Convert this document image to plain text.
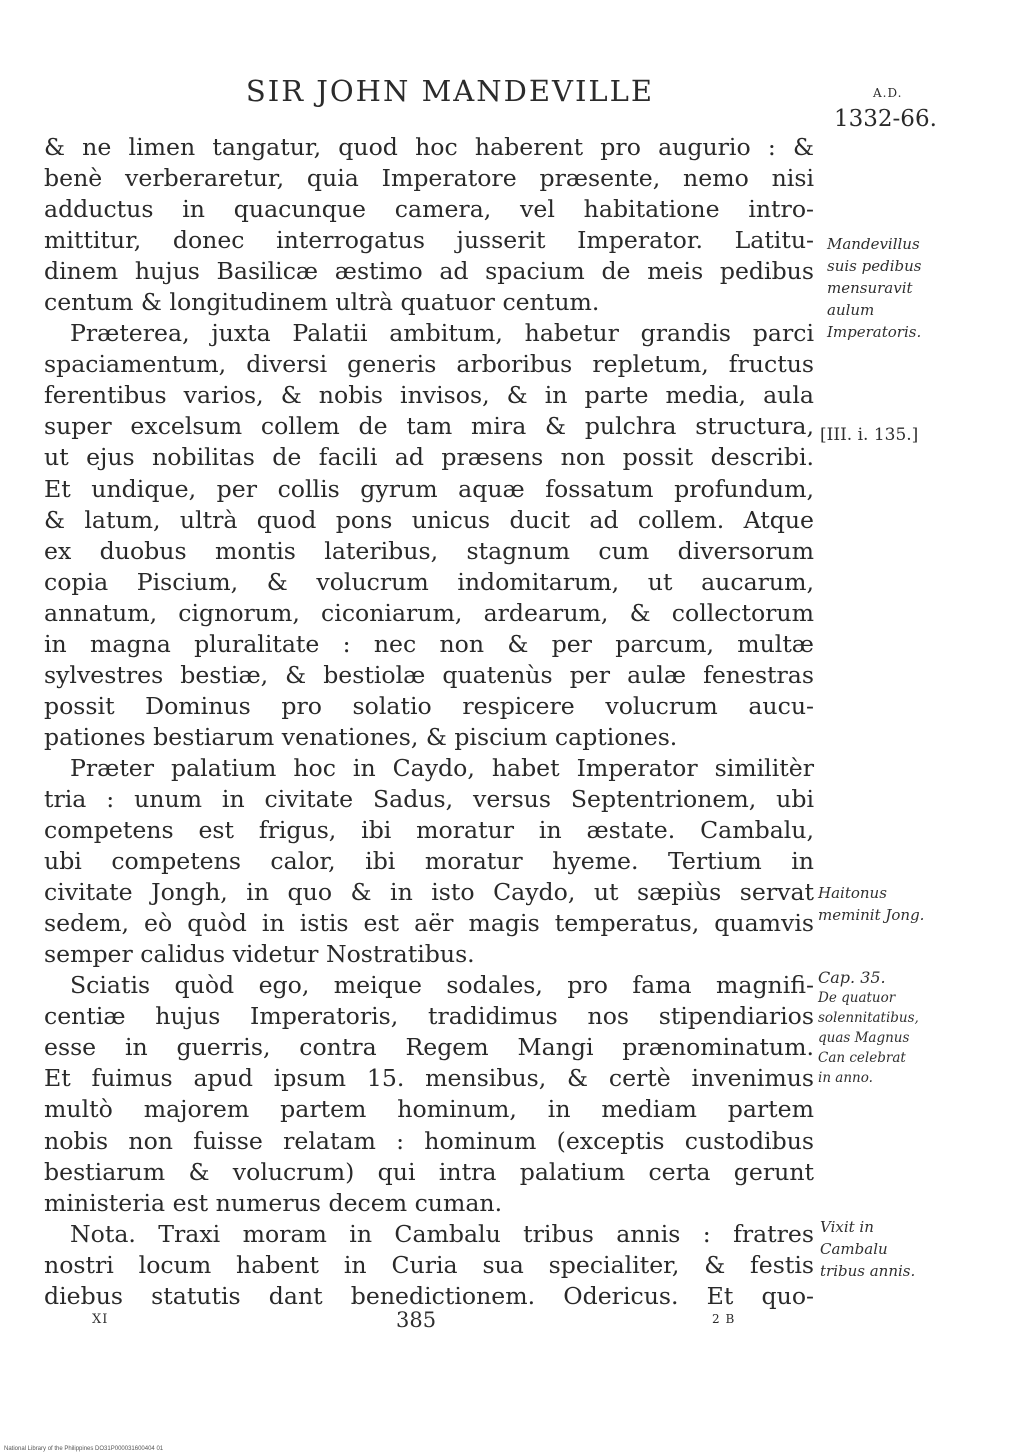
SIR JOHN MANDEVILLE	A.D.
1332-66.
& ne limen tangatur, quod hoc haberent pro augurio : &
benè verberaretur, quia Imperatore præsente, nemo nisi
adductus in quacunque camera, vel habitatione intro-
mittitur, donec interrogatus jusserit Imperator. Latitu-
dinem hujus Basilicæ æstimo ad spacium de meis pedibus
centum & longitudinem ultrà quatuor centum.
Præterea, juxta Palatii ambitum, habetur grandis parci
spaciamentum, diversi generis arboribus repletum, fructus
ferentibus varios, & nobis invisos, & in parte media, aula
super excelsum collem de tam mira & pulchra structura,
ut ejus nobilitas de facili ad præsens non possit describi.
Et undique, per collis gyrum aquæ fossatum profundum,
& latum, ultrà quod pons unicus ducit ad collem. Atque
ex duobus montis lateribus, stagnum cum diversorum
copia Piscium, & volucrum indomitarum, ut aucarum,
annatum, cignorum, ciconiarum, ardearum, & collectorum
in magna pluralitate : nec non & per parcum, multæ
sylvestres bestiæ, & bestiolæ quatenùs per aulæ fenestras
possit Dominus pro solatio respicere volucrum aucu-
pationes bestiarum venationes, & piscium captiones.
Præter palatium hoc in Caydo, habet Imperator similitèr
tria : unum in civitate Sadus, versus Septentrionem, ubi
competens est frigus, ibi moratur in æstate. Cambalu,
ubi competens calor, ibi moratur hyeme. Tertium in
civitate Jongh, in quo & in isto Caydo, ut sæpiùs servat
sedem, eò quòd in istis est aër magis temperatus, quamvis
semper calidus videtur Nostratibus.
Sciatis quòd ego, meique sodales, pro fama magnifi-
centiæ hujus Imperatoris, tradidimus nos stipendiarios
esse in guerris, contra Regem Mangi prænominatum.
Et fuimus apud ipsum 15. mensibus, & certè invenimus
multò majorem partem hominum, in mediam partem
nobis non fuisse relatam : hominum (exceptis custodibus
bestiarum & volucrum) qui intra palatium certa gerunt
ministeria est numerus decem cuman.
Nota. Traxi moram in Cambalu tribus annis : fratres
nostri locum habent in Curia sua specialiter, & festis
diebus statutis dant benedictionem. Odericus. Et quo-
Mandevillus
suis pedibus
mensuravit
aulum
Imperatoris.
[III. i. 135.]
Haitonus
meminit Jong.
Cap. 35.
De quatuor
solennitatibus,
quas Magnus
Can celebrat
in anno.
Vixit in
Cambalu
tribus annis.
XI	385	2 B
National Library of the Philippines DO31P000031600404 01
